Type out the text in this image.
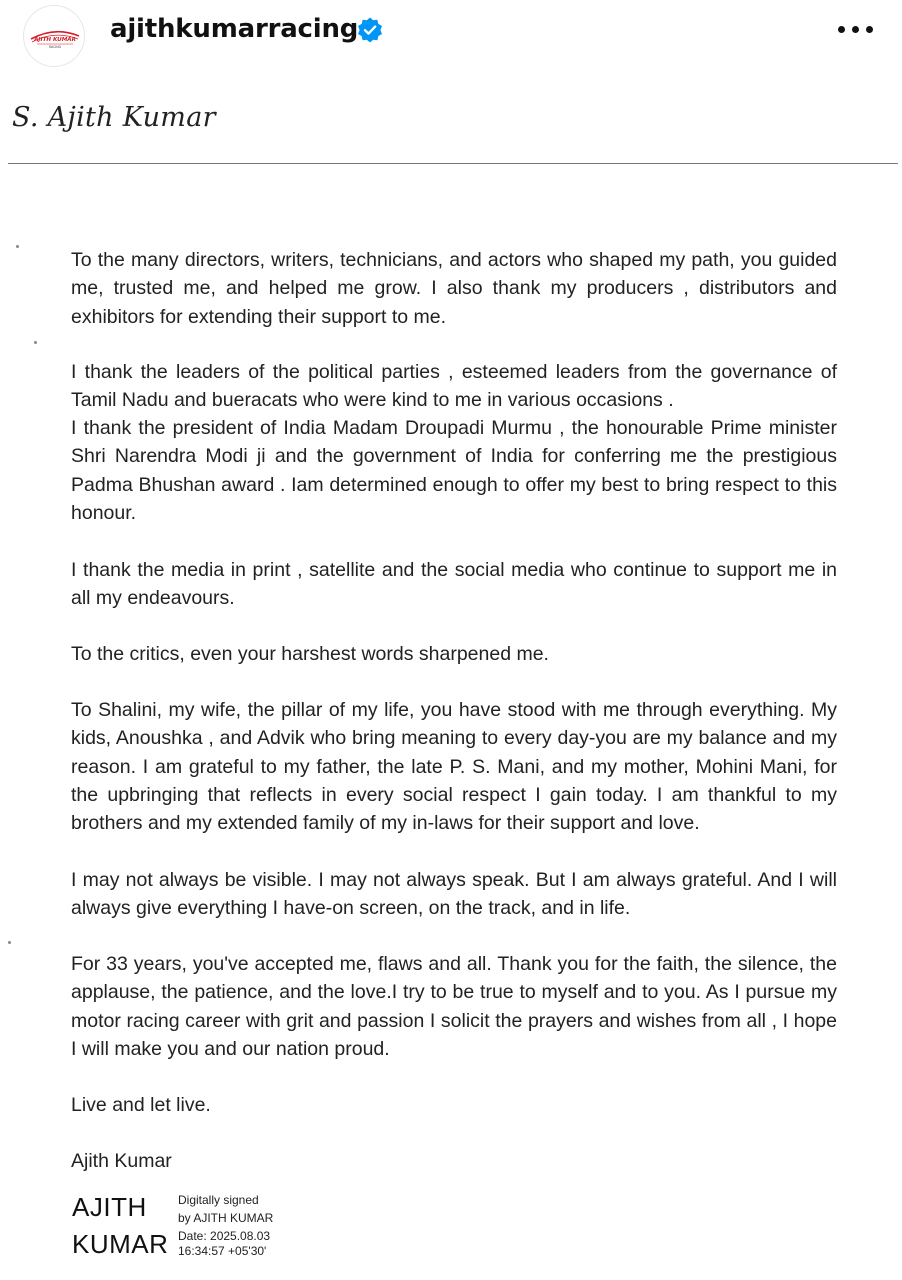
AJITH KUMAR
RACING
ajithkumarracing
S. Ajith Kumar

To the many directors, writers, technicians, and actors who shaped my path, you guided me, trusted me, and helped me grow. I also thank my producers , distributors and exhibitors for extending their support to me.

I thank the leaders of the political parties , esteemed leaders from the governance of Tamil Nadu and bueracats who were kind to me in various occasions .

I thank the president of India Madam Droupadi Murmu , the honourable Prime minister Shri Narendra Modi ji and the government of India for conferring me the prestigious Padma Bhushan award . Iam determined enough to offer my best to bring respect to this honour.

I thank the media in print , satellite and the social media who continue to support me in all my endeavours.

To the critics, even your harshest words sharpened me.

To Shalini, my wife, the pillar of my life, you have stood with me through everything. My kids, Anoushka , and Advik who bring meaning to every day-you are my balance and my reason. I am grateful to my father, the late P. S. Mani, and my mother, Mohini Mani, for the upbringing that reflects in every social respect I gain today. I am thankful to my brothers and my extended family of my in-laws for their support and love.

I may not always be visible. I may not always speak. But I am always grateful. And I will always give everything I have-on screen, on the track, and in life.

For 33 years, you've accepted me, flaws and all. Thank you for the faith, the silence, the applause, the patience, and the love.I try to be true to myself and to you. As I pursue my motor racing career with grit and passion I solicit the prayers and wishes from all , I hope I will make you and our nation proud.

Live and let live.

Ajith Kumar
AJITH
KUMAR
Digitally signed
by AJITH KUMAR
Date: 2025.08.03
16:34:57 +05'30'
